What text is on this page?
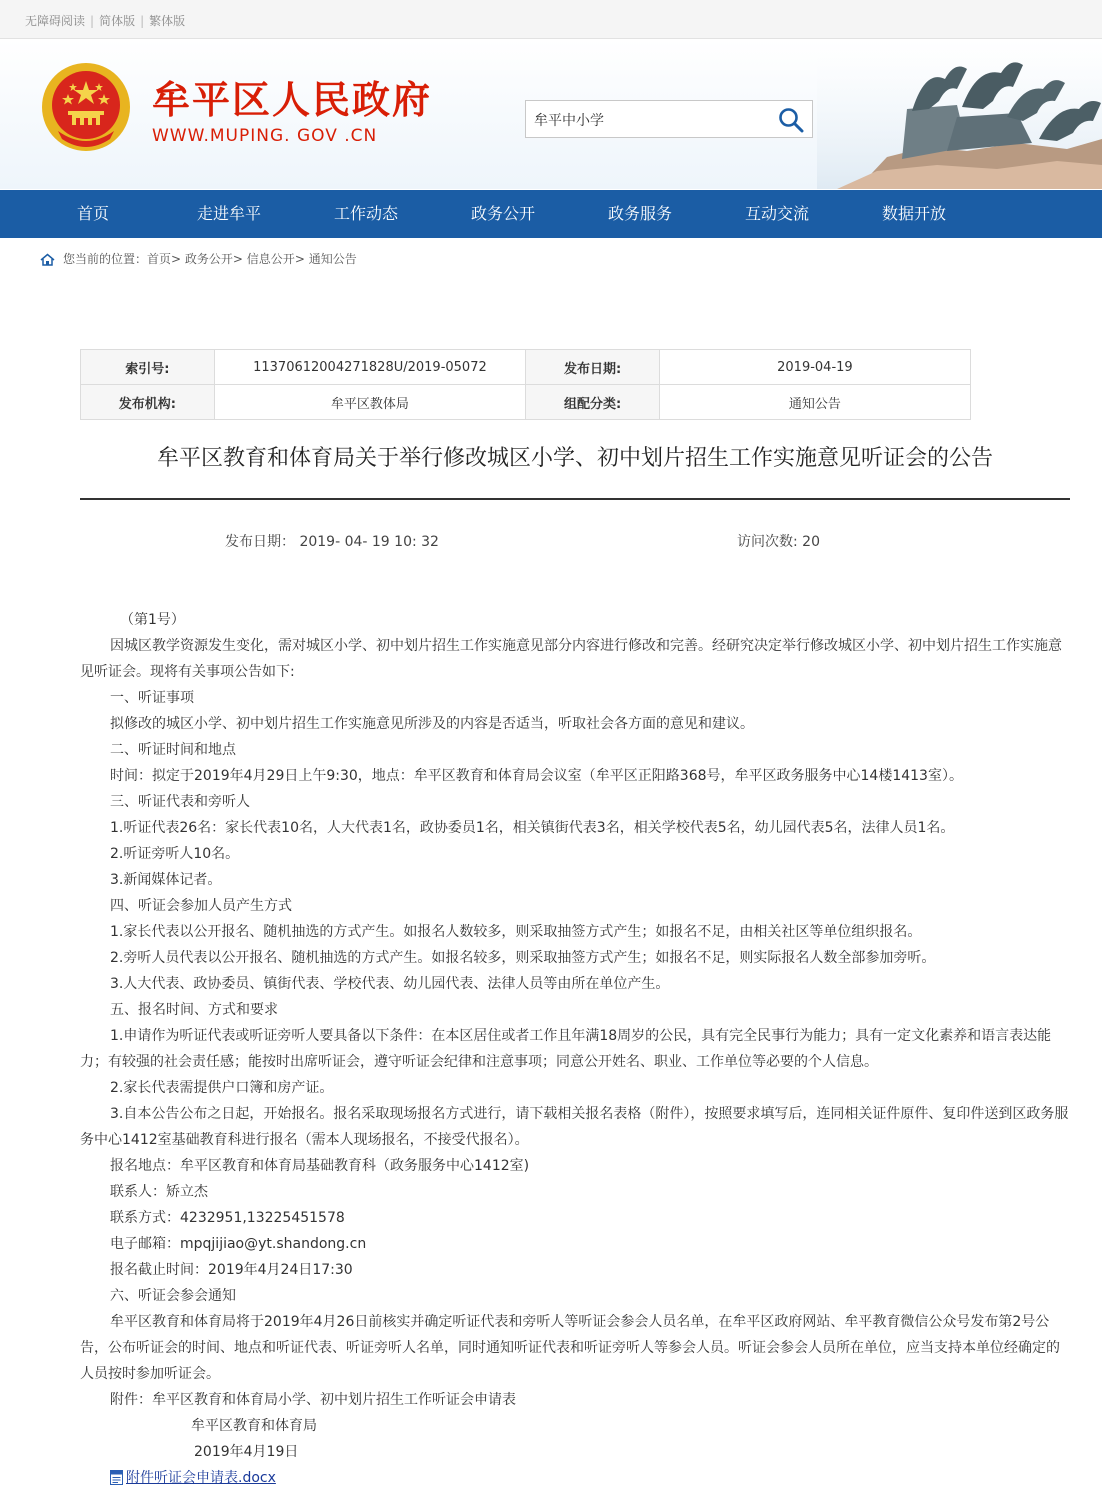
无障碍阅读 | 简体版 | 繁体版
牟平区人民政府
WWW.MUPING. GOV .CN
牟平中小学
首页	走进牟平	工作动态	政务公开	政务服务	互动交流	数据开放
您当前的位置：首页> 政务公开> 信息公开> 通知公告
索引号:	11370612004271828U/2019-05072	发布日期:	2019-04-19
发布机构:	牟平区教体局	组配分类:	通知公告
牟平区教育和体育局关于举行修改城区小学、初中划片招生工作实施意见听证会的公告
发布日期： 2019- 04- 19 10: 32	访问次数: 20

（第1号）

因城区教学资源发生变化，需对城区小学、初中划片招生工作实施意见部分内容进行修改和完善。经研究决定举行修改城区小学、初中划片招生工作实施意见听证会。现将有关事项公告如下:

一、听证事项

拟修改的城区小学、初中划片招生工作实施意见所涉及的内容是否适当，听取社会各方面的意见和建议。

二、听证时间和地点

时间：拟定于2019年4月29日上午9:30，地点：牟平区教育和体育局会议室（牟平区正阳路368号，牟平区政务服务中心14楼1413室）。

三、听证代表和旁听人

1.听证代表26名：家长代表10名，人大代表1名，政协委员1名，相关镇街代表3名，相关学校代表5名，幼儿园代表5名，法律人员1名。

2.听证旁听人10名。

3.新闻媒体记者。

四、听证会参加人员产生方式

1.家长代表以公开报名、随机抽选的方式产生。如报名人数较多，则采取抽签方式产生；如报名不足，由相关社区等单位组织报名。

2.旁听人员代表以公开报名、随机抽选的方式产生。如报名较多，则采取抽签方式产生；如报名不足，则实际报名人数全部参加旁听。

3.人大代表、政协委员、镇街代表、学校代表、幼儿园代表、法律人员等由所在单位产生。

五、报名时间、方式和要求

1.申请作为听证代表或听证旁听人要具备以下条件：在本区居住或者工作且年满18周岁的公民，具有完全民事行为能力；具有一定文化素养和语言表达能力；有较强的社会责任感；能按时出席听证会，遵守听证会纪律和注意事项；同意公开姓名、职业、工作单位等必要的个人信息。

2.家长代表需提供户口簿和房产证。

3.自本公告公布之日起，开始报名。报名采取现场报名方式进行，请下载相关报名表格（附件），按照要求填写后，连同相关证件原件、复印件送到区政务服务中心1412室基础教育科进行报名（需本人现场报名，不接受代报名）。

报名地点：牟平区教育和体育局基础教育科（政务服务中心1412室)

联系人：矫立杰

联系方式：4232951,13225451578

电子邮箱：mpqjijiao@yt.shandong.cn

报名截止时间：2019年4月24日17:30

六、听证会参会通知

牟平区教育和体育局将于2019年4月26日前核实并确定听证代表和旁听人等听证会参会人员名单，在牟平区政府网站、牟平教育微信公众号发布第2号公告，公布听证会的时间、地点和听证代表、听证旁听人名单，同时通知听证代表和听证旁听人等参会人员。听证会参会人员所在单位，应当支持本单位经确定的人员按时参加听证会。

附件：牟平区教育和体育局小学、初中划片招生工作听证会申请表

牟平区教育和体育局

2019年4月19日

附件听证会申请表.docx
